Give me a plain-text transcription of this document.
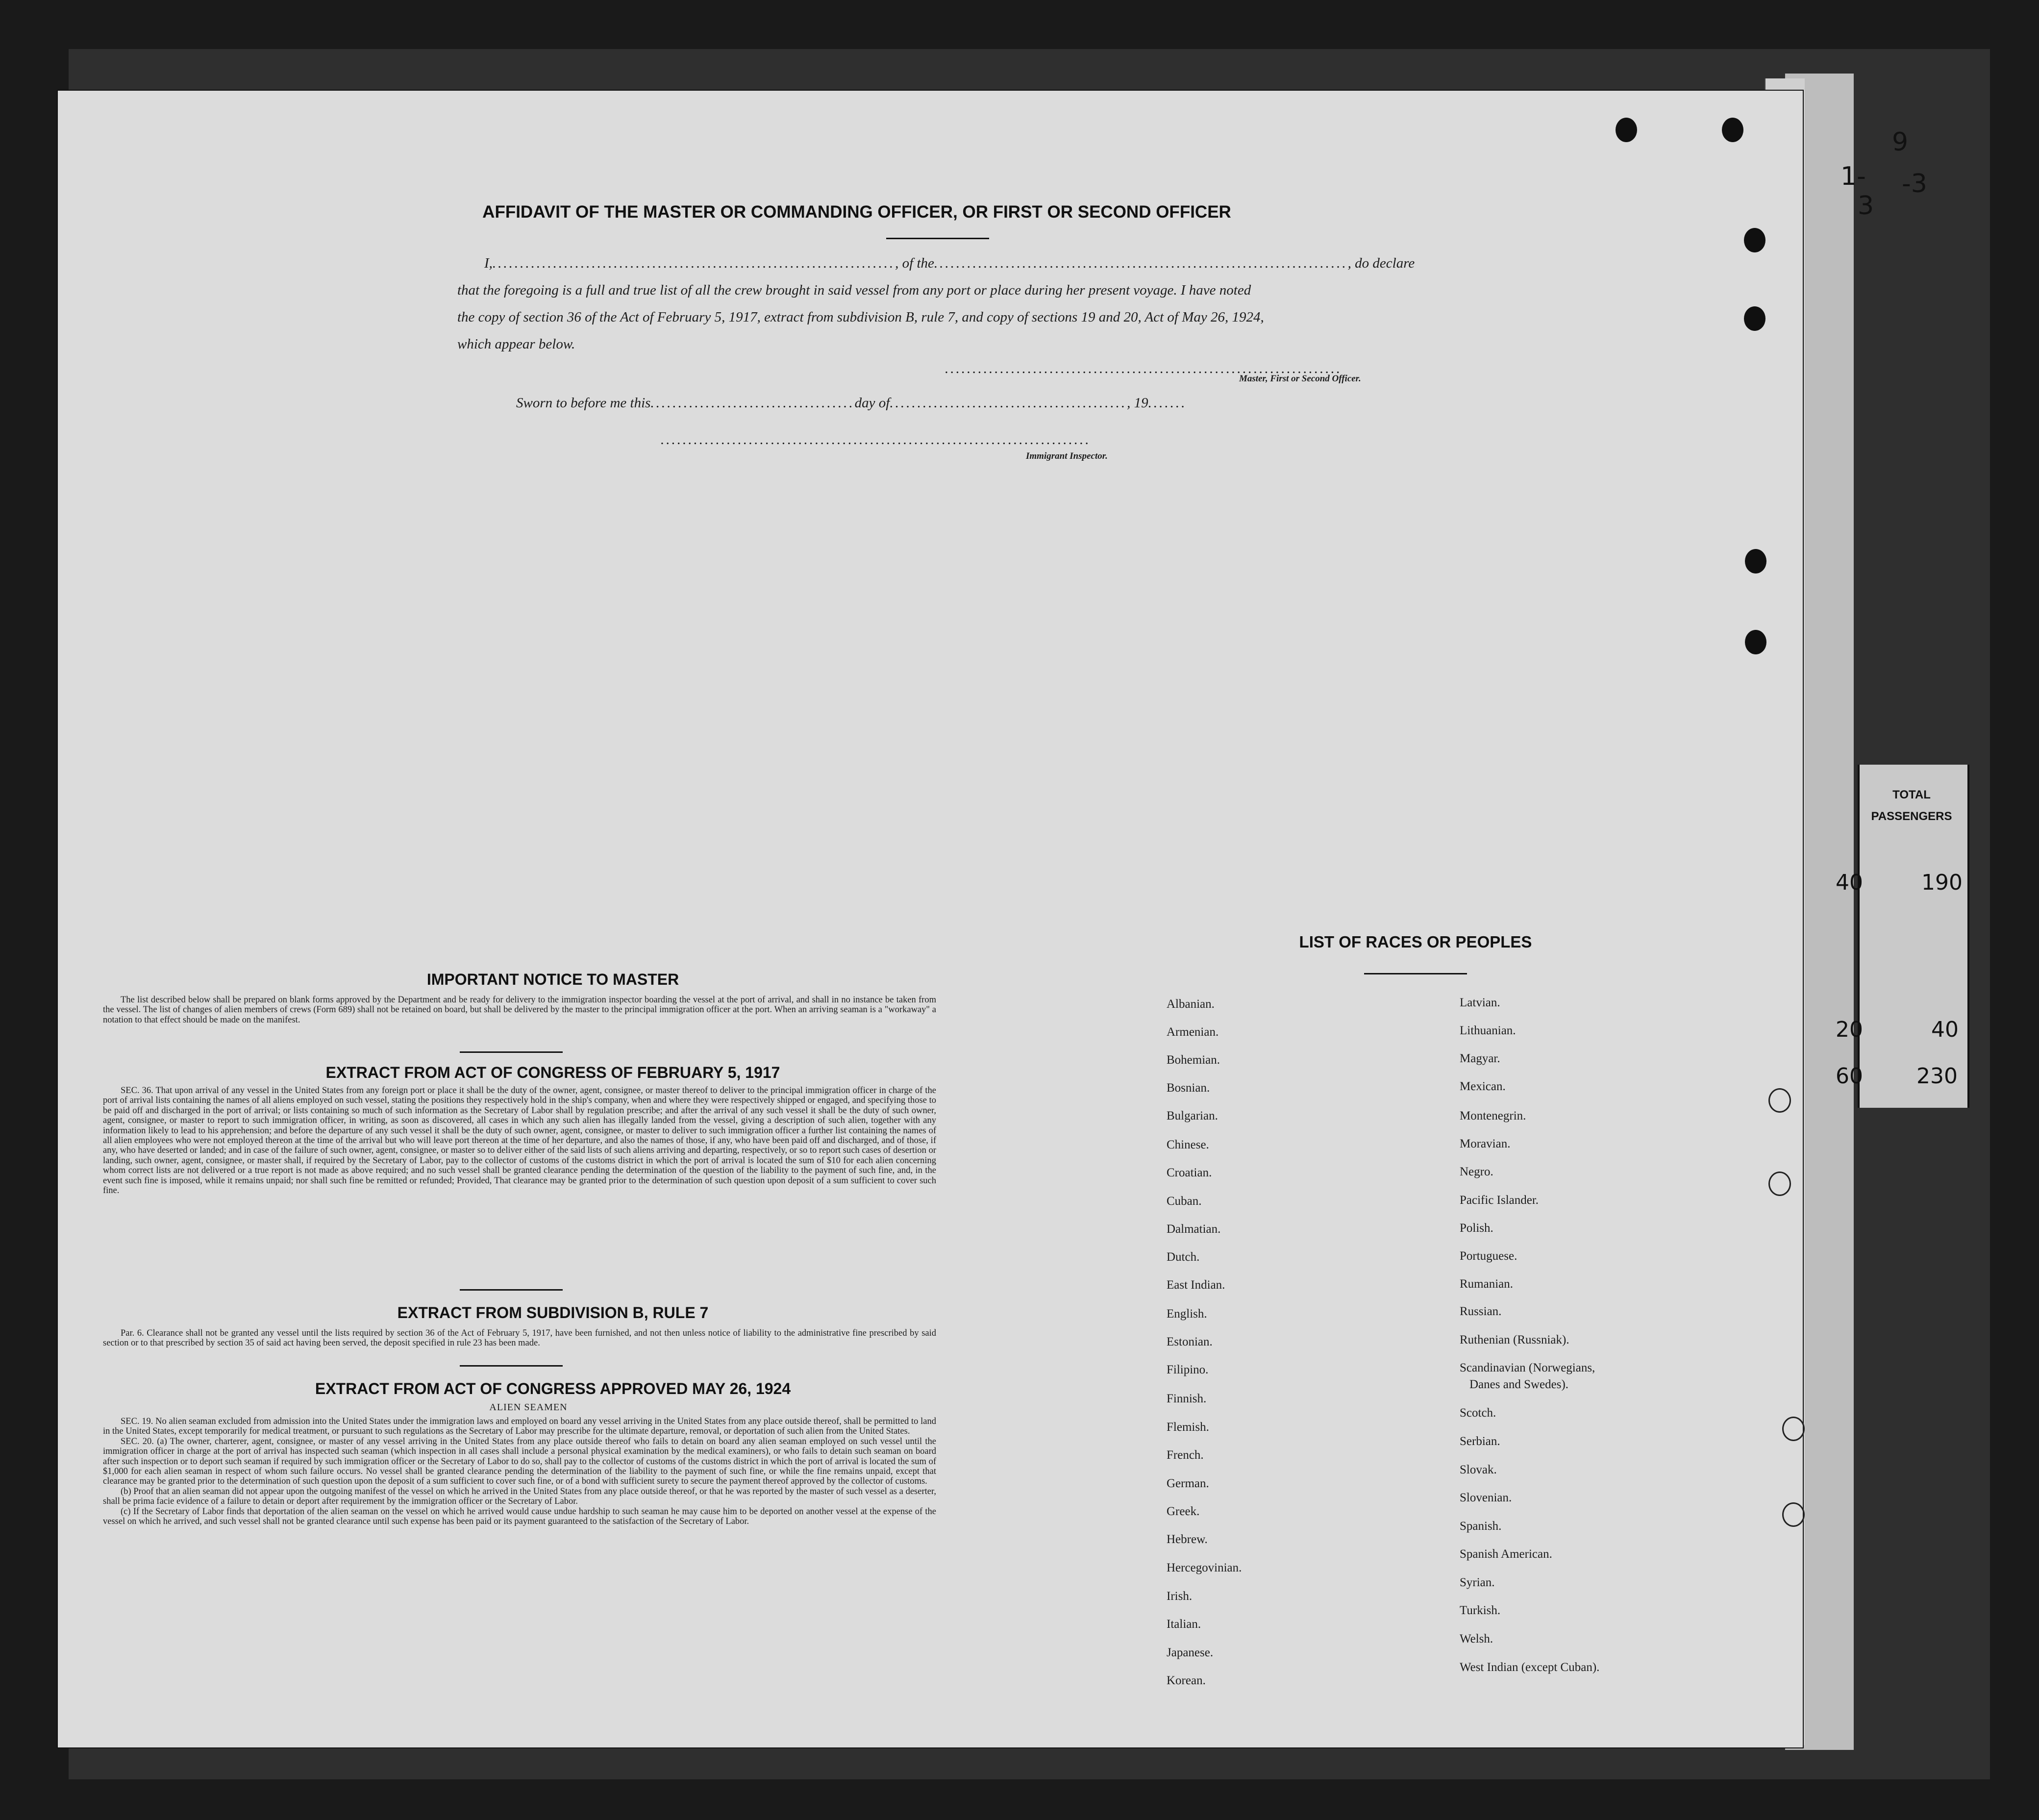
TOTAL PASSENGERS
190
40
230
40
20
60
9
1-
3
-3
AFFIDAVIT OF THE MASTER OR COMMANDING OFFICER, OR FIRST OR SECOND OFFICER
I,........................................................................., of the..........................................................................., do declare
that the foregoing is a full and true list of all the crew brought in said vessel from any port or place during her present voyage. I have noted
the copy of section 36 of the Act of February 5, 1917, extract from subdivision B, rule 7, and copy of sections 19 and 20, Act of May 26, 1924,
which appear below.
........................................................................
Master, First or Second Officer.
Sworn to before me this.....................................day of..........................................., 19.......
..............................................................................
Immigrant Inspector.
IMPORTANT NOTICE TO MASTER

The list described below shall be prepared on blank forms approved by the Department and be ready for delivery to the immigration inspector boarding the vessel at the port of arrival, and shall in no instance be taken from the vessel. The list of changes of alien members of crews (Form 689) shall not be retained on board, but shall be delivered by the master to the principal immigration officer at the port. When an arriving seaman is a "workaway" a notation to that effect should be made on the manifest.

EXTRACT FROM ACT OF CONGRESS OF FEBRUARY 5, 1917

SEC. 36. That upon arrival of any vessel in the United States from any foreign port or place it shall be the duty of the owner, agent, consignee, or master thereof to deliver to the principal immigration officer in charge of the port of arrival lists containing the names of all aliens employed on such vessel, stating the positions they respectively hold in the ship's company, when and where they were respectively shipped or engaged, and specifying those to be paid off and discharged in the port of arrival; or lists containing so much of such information as the Secretary of Labor shall by regulation prescribe; and after the arrival of any such vessel it shall be the duty of such owner, agent, consignee, or master to report to such immigration officer, in writing, as soon as discovered, all cases in which any such alien has illegally landed from the vessel, giving a description of such alien, together with any information likely to lead to his apprehension; and before the departure of any such vessel it shall be the duty of such owner, agent, consignee, or master to deliver to such immigration officer a further list containing the names of all alien employees who were not employed thereon at the time of the arrival but who will leave port thereon at the time of her departure, and also the names of those, if any, who have been paid off and discharged, and of those, if any, who have deserted or landed; and in case of the failure of such owner, agent, consignee, or master so to deliver either of the said lists of such aliens arriving and departing, respectively, or so to report such cases of desertion or landing, such owner, agent, consignee, or master shall, if required by the Secretary of Labor, pay to the collector of customs of the customs district in which the port of arrival is located the sum of $10 for each alien concerning whom correct lists are not delivered or a true report is not made as above required; and no such vessel shall be granted clearance pending the determination of the question of the liability to the payment of such fine, and, in the event such fine is imposed, while it remains unpaid; nor shall such fine be remitted or refunded; Provided, That clearance may be granted prior to the determination of such question upon deposit of a sum sufficient to cover such fine.

EXTRACT FROM SUBDIVISION B, RULE 7

Par. 6. Clearance shall not be granted any vessel until the lists required by section 36 of the Act of February 5, 1917, have been furnished, and not then unless notice of liability to the administrative fine prescribed by said section or to that prescribed by section 35 of said act having been served, the deposit specified in rule 23 has been made.

EXTRACT FROM ACT OF CONGRESS APPROVED MAY 26, 1924
ALIEN SEAMEN

SEC. 19. No alien seaman excluded from admission into the United States under the immigration laws and employed on board any vessel arriving in the United States from any place outside thereof, shall be permitted to land in the United States, except temporarily for medical treatment, or pursuant to such regulations as the Secretary of Labor may prescribe for the ultimate departure, removal, or deportation of such alien from the United States.

SEC. 20. (a) The owner, charterer, agent, consignee, or master of any vessel arriving in the United States from any place outside thereof who fails to detain on board any alien seaman employed on such vessel until the immigration officer in charge at the port of arrival has inspected such seaman (which inspection in all cases shall include a personal physical examination by the medical examiners), or who fails to detain such seaman on board after such inspection or to deport such seaman if required by such immigration officer or the Secretary of Labor to do so, shall pay to the collector of customs of the customs district in which the port of arrival is located the sum of $1,000 for each alien seaman in respect of whom such failure occurs. No vessel shall be granted clearance pending the determination of the liability to the payment of such fine, or while the fine remains unpaid, except that clearance may be granted prior to the determination of such question upon the deposit of a sum sufficient to cover such fine, or of a bond with sufficient surety to secure the payment thereof approved by the collector of customs.

(b) Proof that an alien seaman did not appear upon the outgoing manifest of the vessel on which he arrived in the United States from any place outside thereof, or that he was reported by the master of such vessel as a deserter, shall be prima facie evidence of a failure to detain or deport after requirement by the immigration officer or the Secretary of Labor.

(c) If the Secretary of Labor finds that deportation of the alien seaman on the vessel on which he arrived would cause undue hardship to such seaman he may cause him to be deported on another vessel at the expense of the vessel on which he arrived, and such vessel shall not be granted clearance until such expense has been paid or its payment guaranteed to the satisfaction of the Secretary of Labor.

LIST OF RACES OR PEOPLES
Albanian.
Armenian.
Bohemian.
Bosnian.
Bulgarian.
Chinese.
Croatian.
Cuban.
Dalmatian.
Dutch.
East Indian.
English.
Estonian.
Filipino.
Finnish.
Flemish.
French.
German.
Greek.
Hebrew.
Hercegovinian.
Irish.
Italian.
Japanese.
Korean.
Latvian.
Lithuanian.
Magyar.
Mexican.
Montenegrin.
Moravian.
Negro.
Pacific Islander.
Polish.
Portuguese.
Rumanian.
Russian.
Ruthenian (Russniak).
Scandinavian (Norwegians,
Danes and Swedes).
Scotch.
Serbian.
Slovak.
Slovenian.
Spanish.
Spanish American.
Syrian.
Turkish.
Welsh.
West Indian (except Cuban).
